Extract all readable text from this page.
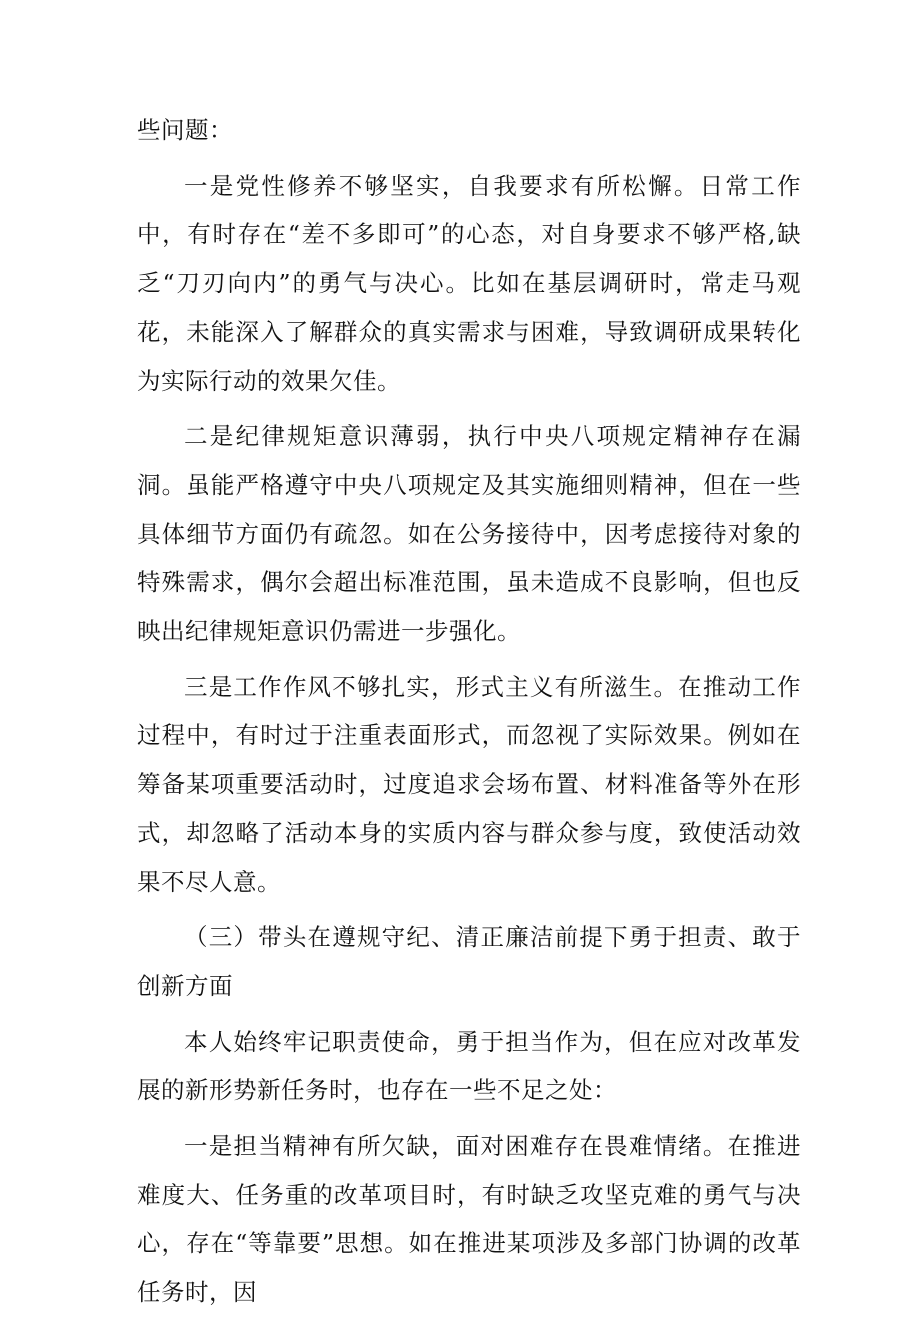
些问题：

一是党性修养不够坚实，自我要求有所松懈。日常工作中，有时存在“差不多即可”的心态，对自身要求不够严格,缺乏“刀刃向内”的勇气与决心。比如在基层调研时，常走马观花，未能深入了解群众的真实需求与困难，导致调研成果转化为实际行动的效果欠佳。

二是纪律规矩意识薄弱，执行中央八项规定精神存在漏洞。虽能严格遵守中央八项规定及其实施细则精神，但在一些具体细节方面仍有疏忽。如在公务接待中，因考虑接待对象的特殊需求，偶尔会超出标准范围，虽未造成不良影响，但也反映出纪律规矩意识仍需进一步强化。

三是工作作风不够扎实，形式主义有所滋生。在推动工作过程中，有时过于注重表面形式，而忽视了实际效果。例如在筹备某项重要活动时，过度追求会场布置、材料准备等外在形式，却忽略了活动本身的实质内容与群众参与度，致使活动效果不尽人意。

（三）带头在遵规守纪、清正廉洁前提下勇于担责、敢于创新方面

本人始终牢记职责使命，勇于担当作为，但在应对改革发展的新形势新任务时，也存在一些不足之处：

一是担当精神有所欠缺，面对困难存在畏难情绪。在推进难度大、任务重的改革项目时，有时缺乏攻坚克难的勇气与决心，存在“等靠要”思想。如在推进某项涉及多部门协调的改革任务时，因
